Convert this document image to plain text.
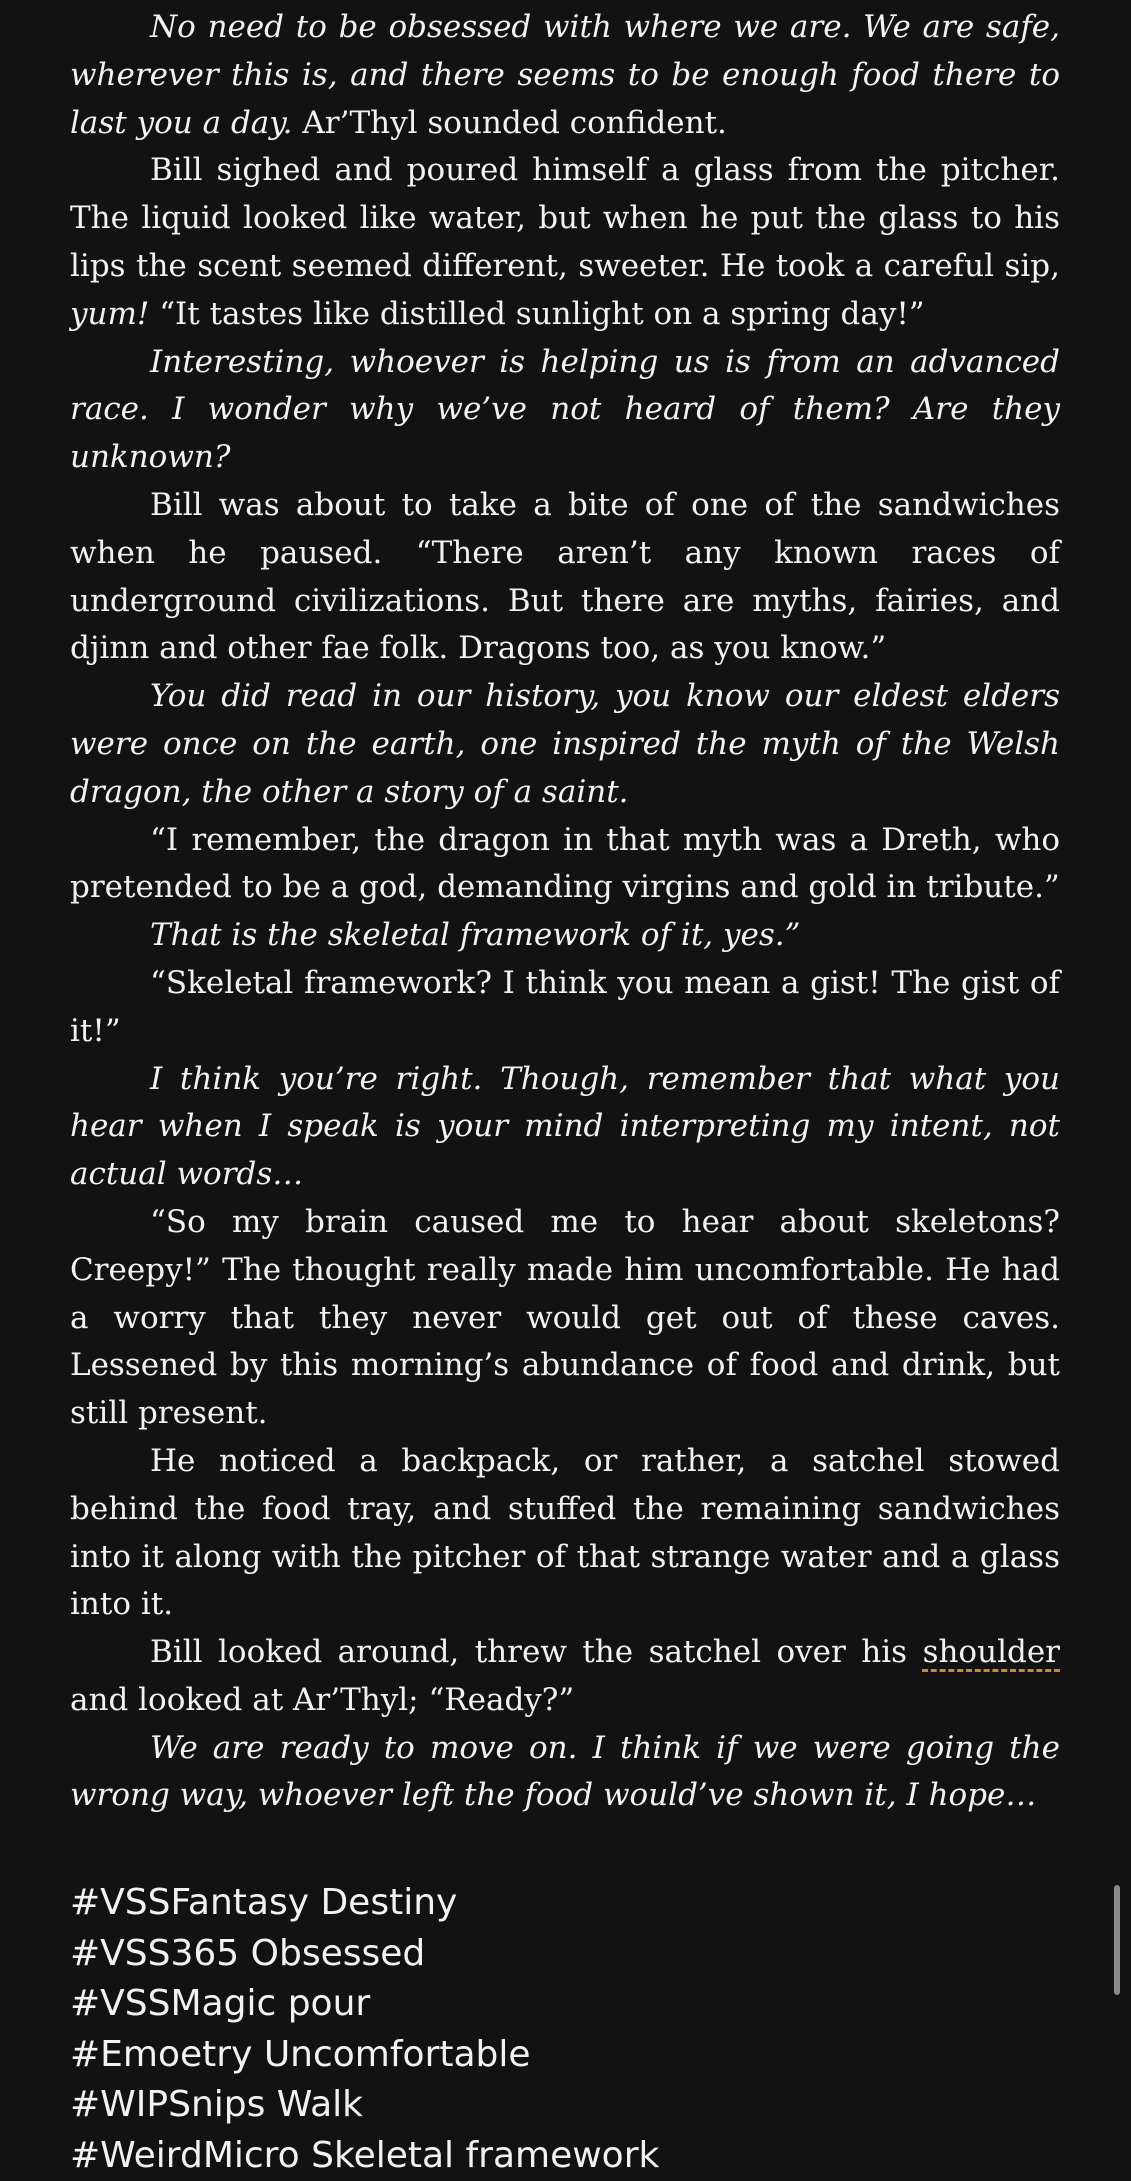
No need to be obsessed with where we are. We are safe, wherever this is, and there seems to be enough food there to last you a day. Ar’Thyl sounded confident.

Bill sighed and poured himself a glass from the pitcher. The liquid looked like water, but when he put the glass to his lips the scent seemed different, sweeter. He took a careful sip, yum! “It tastes like distilled sunlight on a spring day!”

Interesting, whoever is helping us is from an advanced race. I wonder why we’ve not heard of them? Are they unknown?

Bill was about to take a bite of one of the sandwiches when he paused. “There aren’t any known races of underground civilizations. But there are myths, fairies, and djinn and other fae folk. Dragons too, as you know.”

You did read in our history, you know our eldest elders were once on the earth, one inspired the myth of the Welsh dragon, the other a story of a saint.

“I remember, the dragon in that myth was a Dreth, who pretended to be a god, demanding virgins and gold in tribute.”

That is the skeletal framework of it, yes.”

“Skeletal framework? I think you mean a gist! The gist of it!”

I think you’re right. Though, remember that what you hear when I speak is your mind interpreting my intent, not actual words…

“So my brain caused me to hear about skeletons? Creepy!” The thought really made him uncomfortable. He had a worry that they never would get out of these caves. Lessened by this morning’s abundance of food and drink, but still present.

He noticed a backpack, or rather, a satchel stowed behind the food tray, and stuffed the remaining sandwiches into it along with the pitcher of that strange water and a glass into it.

Bill looked around, threw the satchel over his shoulder and looked at Ar’Thyl; “Ready?”

We are ready to move on. I think if we were going the wrong way, whoever left the food would’ve shown it, I hope…

#VSSFantasy Destiny
#VSS365 Obsessed
#VSSMagic pour
#Emoetry Uncomfortable
#WIPSnips Walk
#WeirdMicro Skeletal framework
